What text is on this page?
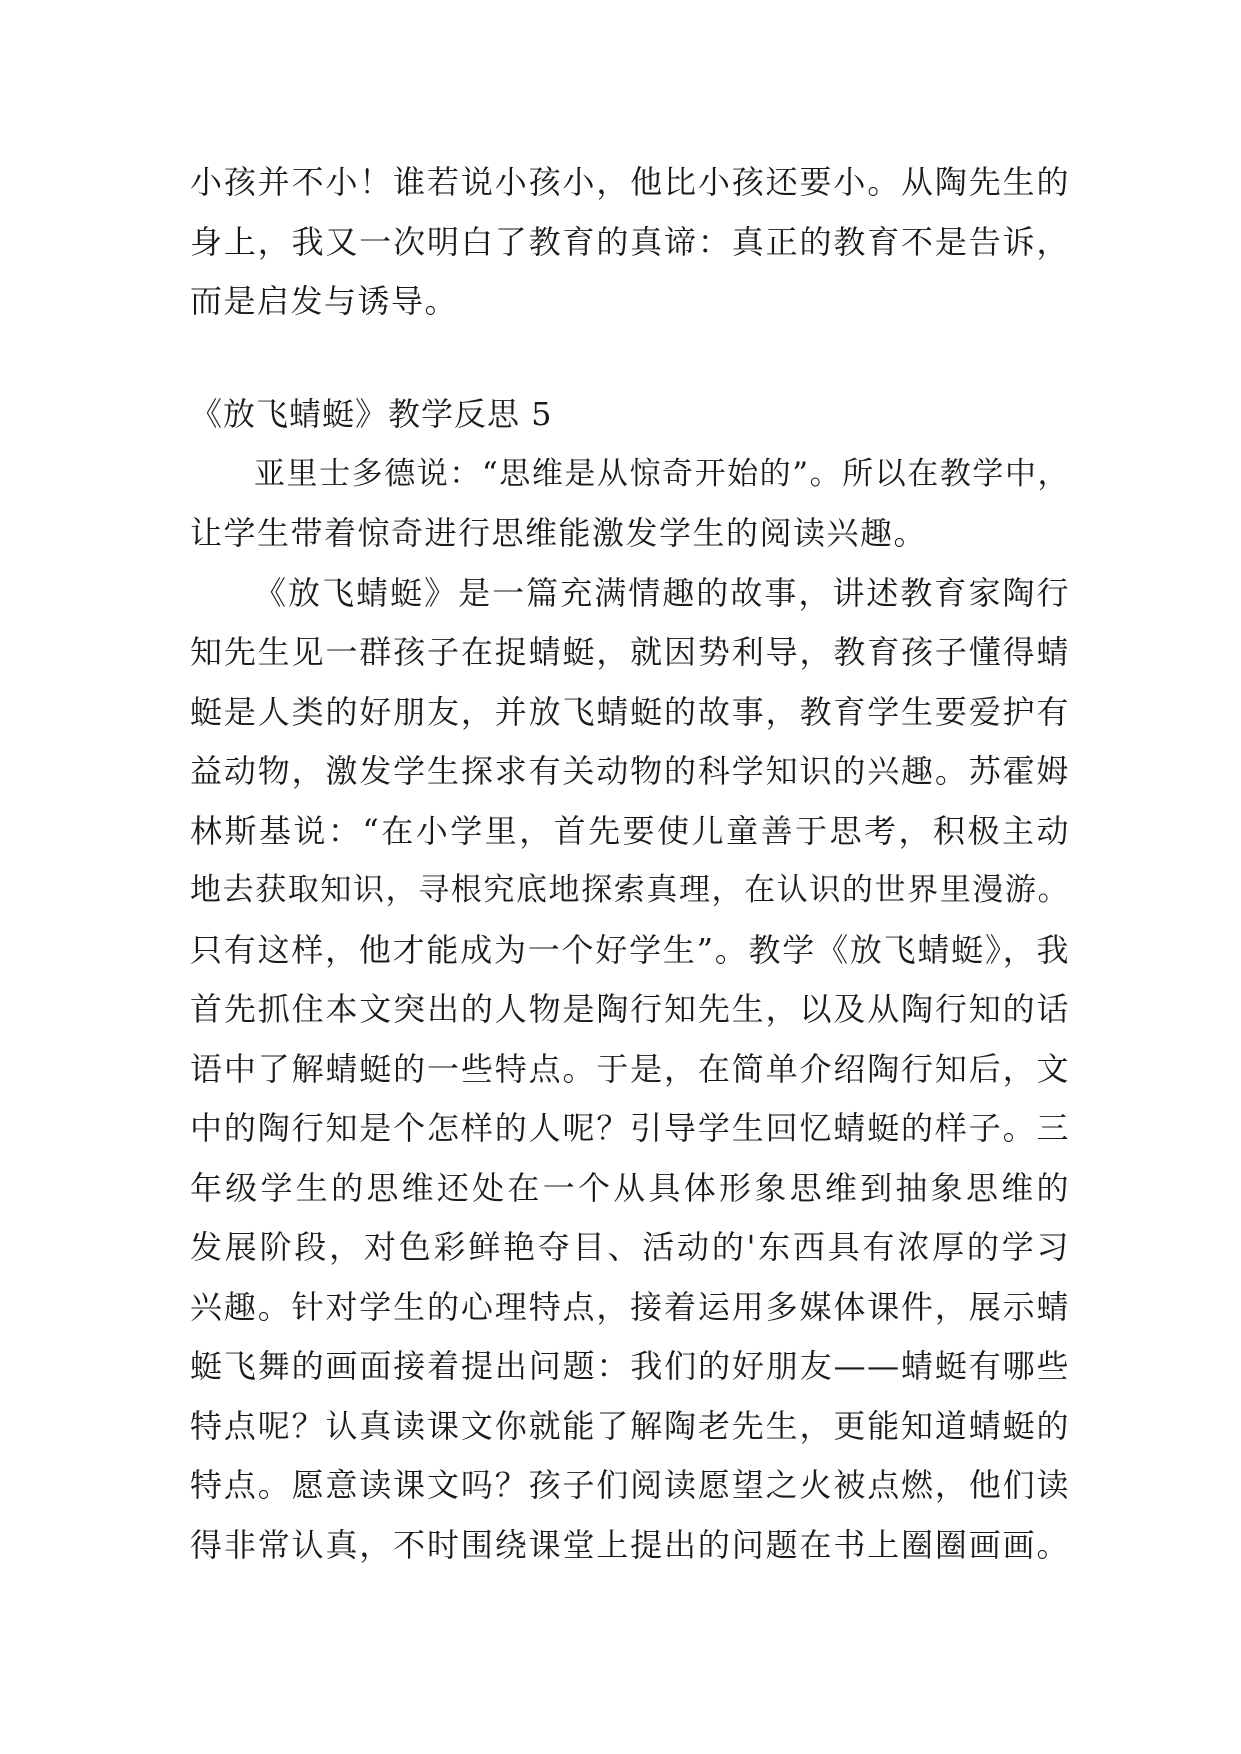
小孩并不小！谁若说小孩小，他比小孩还要小。从陶先生的
身上，我又一次明白了教育的真谛：真正的教育不是告诉，
而是启发与诱导。
《放飞蜻蜓》教学反思 5
亚里士多德说：“思维是从惊奇开始的”。所以在教学中，
让学生带着惊奇进行思维能激发学生的阅读兴趣。
《放飞蜻蜓》是一篇充满情趣的故事，讲述教育家陶行
知先生见一群孩子在捉蜻蜓，就因势利导，教育孩子懂得蜻
蜓是人类的好朋友，并放飞蜻蜓的故事，教育学生要爱护有
益动物，激发学生探求有关动物的科学知识的兴趣。苏霍姆
林斯基说：“在小学里，首先要使儿童善于思考，积极主动
地去获取知识，寻根究底地探索真理，在认识的世界里漫游。
只有这样，他才能成为一个好学生”。教学《放飞蜻蜓》，我
首先抓住本文突出的人物是陶行知先生，以及从陶行知的话
语中了解蜻蜓的一些特点。于是，在简单介绍陶行知后，文
中的陶行知是个怎样的人呢？引导学生回忆蜻蜓的样子。三
年级学生的思维还处在一个从具体形象思维到抽象思维的
发展阶段，对色彩鲜艳夺目、活动的'东西具有浓厚的学习
兴趣。针对学生的心理特点，接着运用多媒体课件，展示蜻
蜓飞舞的画面接着提出问题：我们的好朋友——蜻蜓有哪些
特点呢？认真读课文你就能了解陶老先生，更能知道蜻蜓的
特点。愿意读课文吗？孩子们阅读愿望之火被点燃，他们读
得非常认真，不时围绕课堂上提出的问题在书上圈圈画画。
